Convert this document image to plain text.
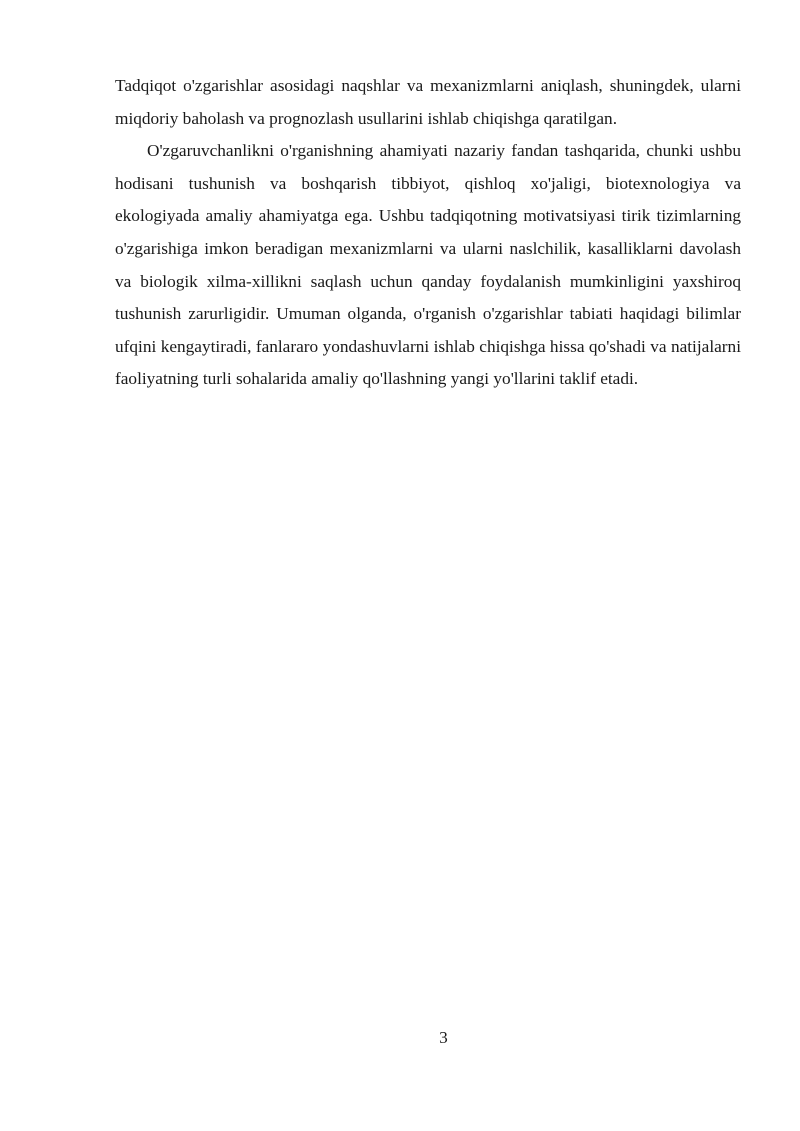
Tadqiqot o'zgarishlar asosidagi naqshlar va mexanizmlarni aniqlash, shuningdek, ularni miqdoriy baholash va prognozlash usullarini ishlab chiqishga qaratilgan.

O'zgaruvchanlikni o'rganishning ahamiyati nazariy fandan tashqarida, chunki ushbu hodisani tushunish va boshqarish tibbiyot, qishloq xo'jaligi, biotexnologiya va ekologiyada amaliy ahamiyatga ega. Ushbu tadqiqotning motivatsiyasi tirik tizimlarning o'zgarishiga imkon beradigan mexanizmlarni va ularni naslchilik, kasalliklarni davolash va biologik xilma-xillikni saqlash uchun qanday foydalanish mumkinligini yaxshiroq tushunish zarurligidir. Umuman olganda, o'rganish o'zgarishlar tabiati haqidagi bilimlar ufqini kengaytiradi, fanlararo yondashuvlarni ishlab chiqishga hissa qo'shadi va natijalarni faoliyatning turli sohalarida amaliy qo'llashning yangi yo'llarini taklif etadi.

3
